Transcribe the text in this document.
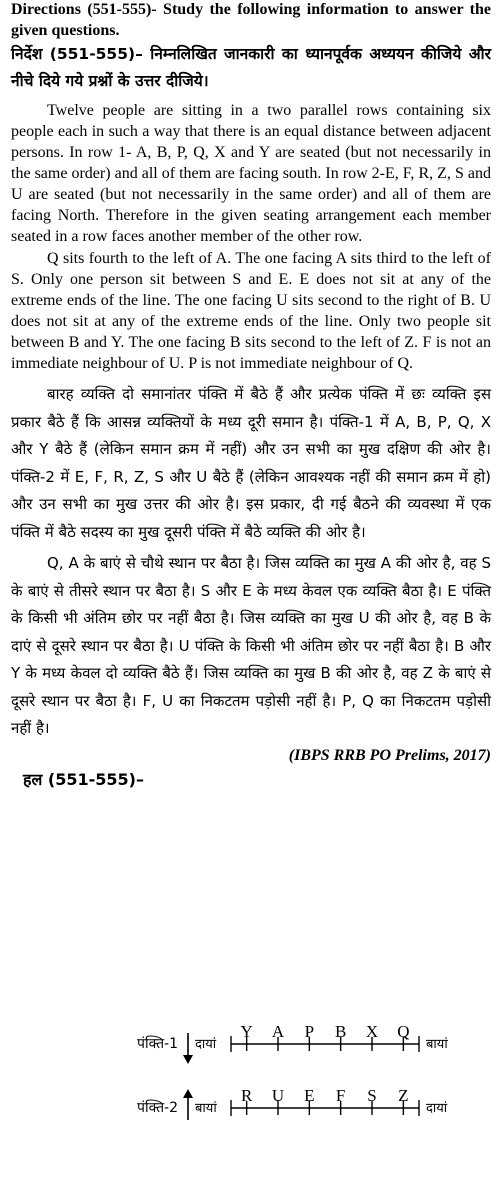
Directions (551-555)- Study the following information to answer the given questions.

निर्देश (551-555)– निम्नलिखित जानकारी का ध्यानपूर्वक अध्ययन कीजिये और नीचे दिये गये प्रश्नों के उत्तर दीजिये।

Twelve people are sitting in a two parallel rows containing six people each in such a way that there is an equal distance between adjacent persons. In row 1- A, B, P, Q, X and Y are seated (but not necessarily in the same order) and all of them are facing south. In row 2-E, F, R, Z, S and U are seated (but not necessarily in the same order) and all of them are facing North. Therefore in the given seating arrangement each member seated in a row faces another member of the other row.

Q sits fourth to the left of A. The one facing A sits third to the left of S. Only one person sit between S and E. E does not sit at any of the extreme ends of the line. The one facing U sits second to the right of B. U does not sit at any of the extreme ends of the line. Only two people sit between B and Y. The one facing B sits second to the left of Z. F is not an immediate neighbour of U. P is not immediate neighbour of Q.

बारह व्यक्ति दो समानांतर पंक्ति में बैठे हैं और प्रत्येक पंक्ति में छः व्यक्ति इस प्रकार बैठे हैं कि आसन्न व्यक्तियों के मध्य दूरी समान है। पंक्ति-1 में A, B, P, Q, X और Y बैठे हैं (लेकिन समान क्रम में नहीं) और उन सभी का मुख दक्षिण की ओर है। पंक्ति-2 में E, F, R, Z, S और U बैठे हैं (लेकिन आवश्यक नहीं की समान क्रम में हो) और उन सभी का मुख उत्तर की ओर है। इस प्रकार, दी गई बैठने की व्यवस्था में एक पंक्ति में बैठे सदस्य का मुख दूसरी पंक्ति में बैठे व्यक्ति की ओर है।

Q, A के बाएं से चौथे स्थान पर बैठा है। जिस व्यक्ति का मुख A की ओर है, वह S के बाएं से तीसरे स्थान पर बैठा है। S और E के मध्य केवल एक व्यक्ति बैठा है। E पंक्ति के किसी भी अंतिम छोर पर नहीं बैठा है। जिस व्यक्ति का मुख U की ओर है, वह B के दाएं से दूसरे स्थान पर बैठा है। U पंक्ति के किसी भी अंतिम छोर पर नहीं बैठा है। B और Y के मध्य केवल दो व्यक्ति बैठे हैं। जिस व्यक्ति का मुख B की ओर है, वह Z के बाएं से दूसरे स्थान पर बैठा है। F, U का निकटतम पड़ोसी नहीं है। P, Q का निकटतम पड़ोसी नहीं है।

(IBPS RRB PO Prelims, 2017)

हल (551-555)–

पंक्ति-1 दायां
Y A P B X Q
बायां
पंक्ति-2 बायां
R U E F S Z
दायां
